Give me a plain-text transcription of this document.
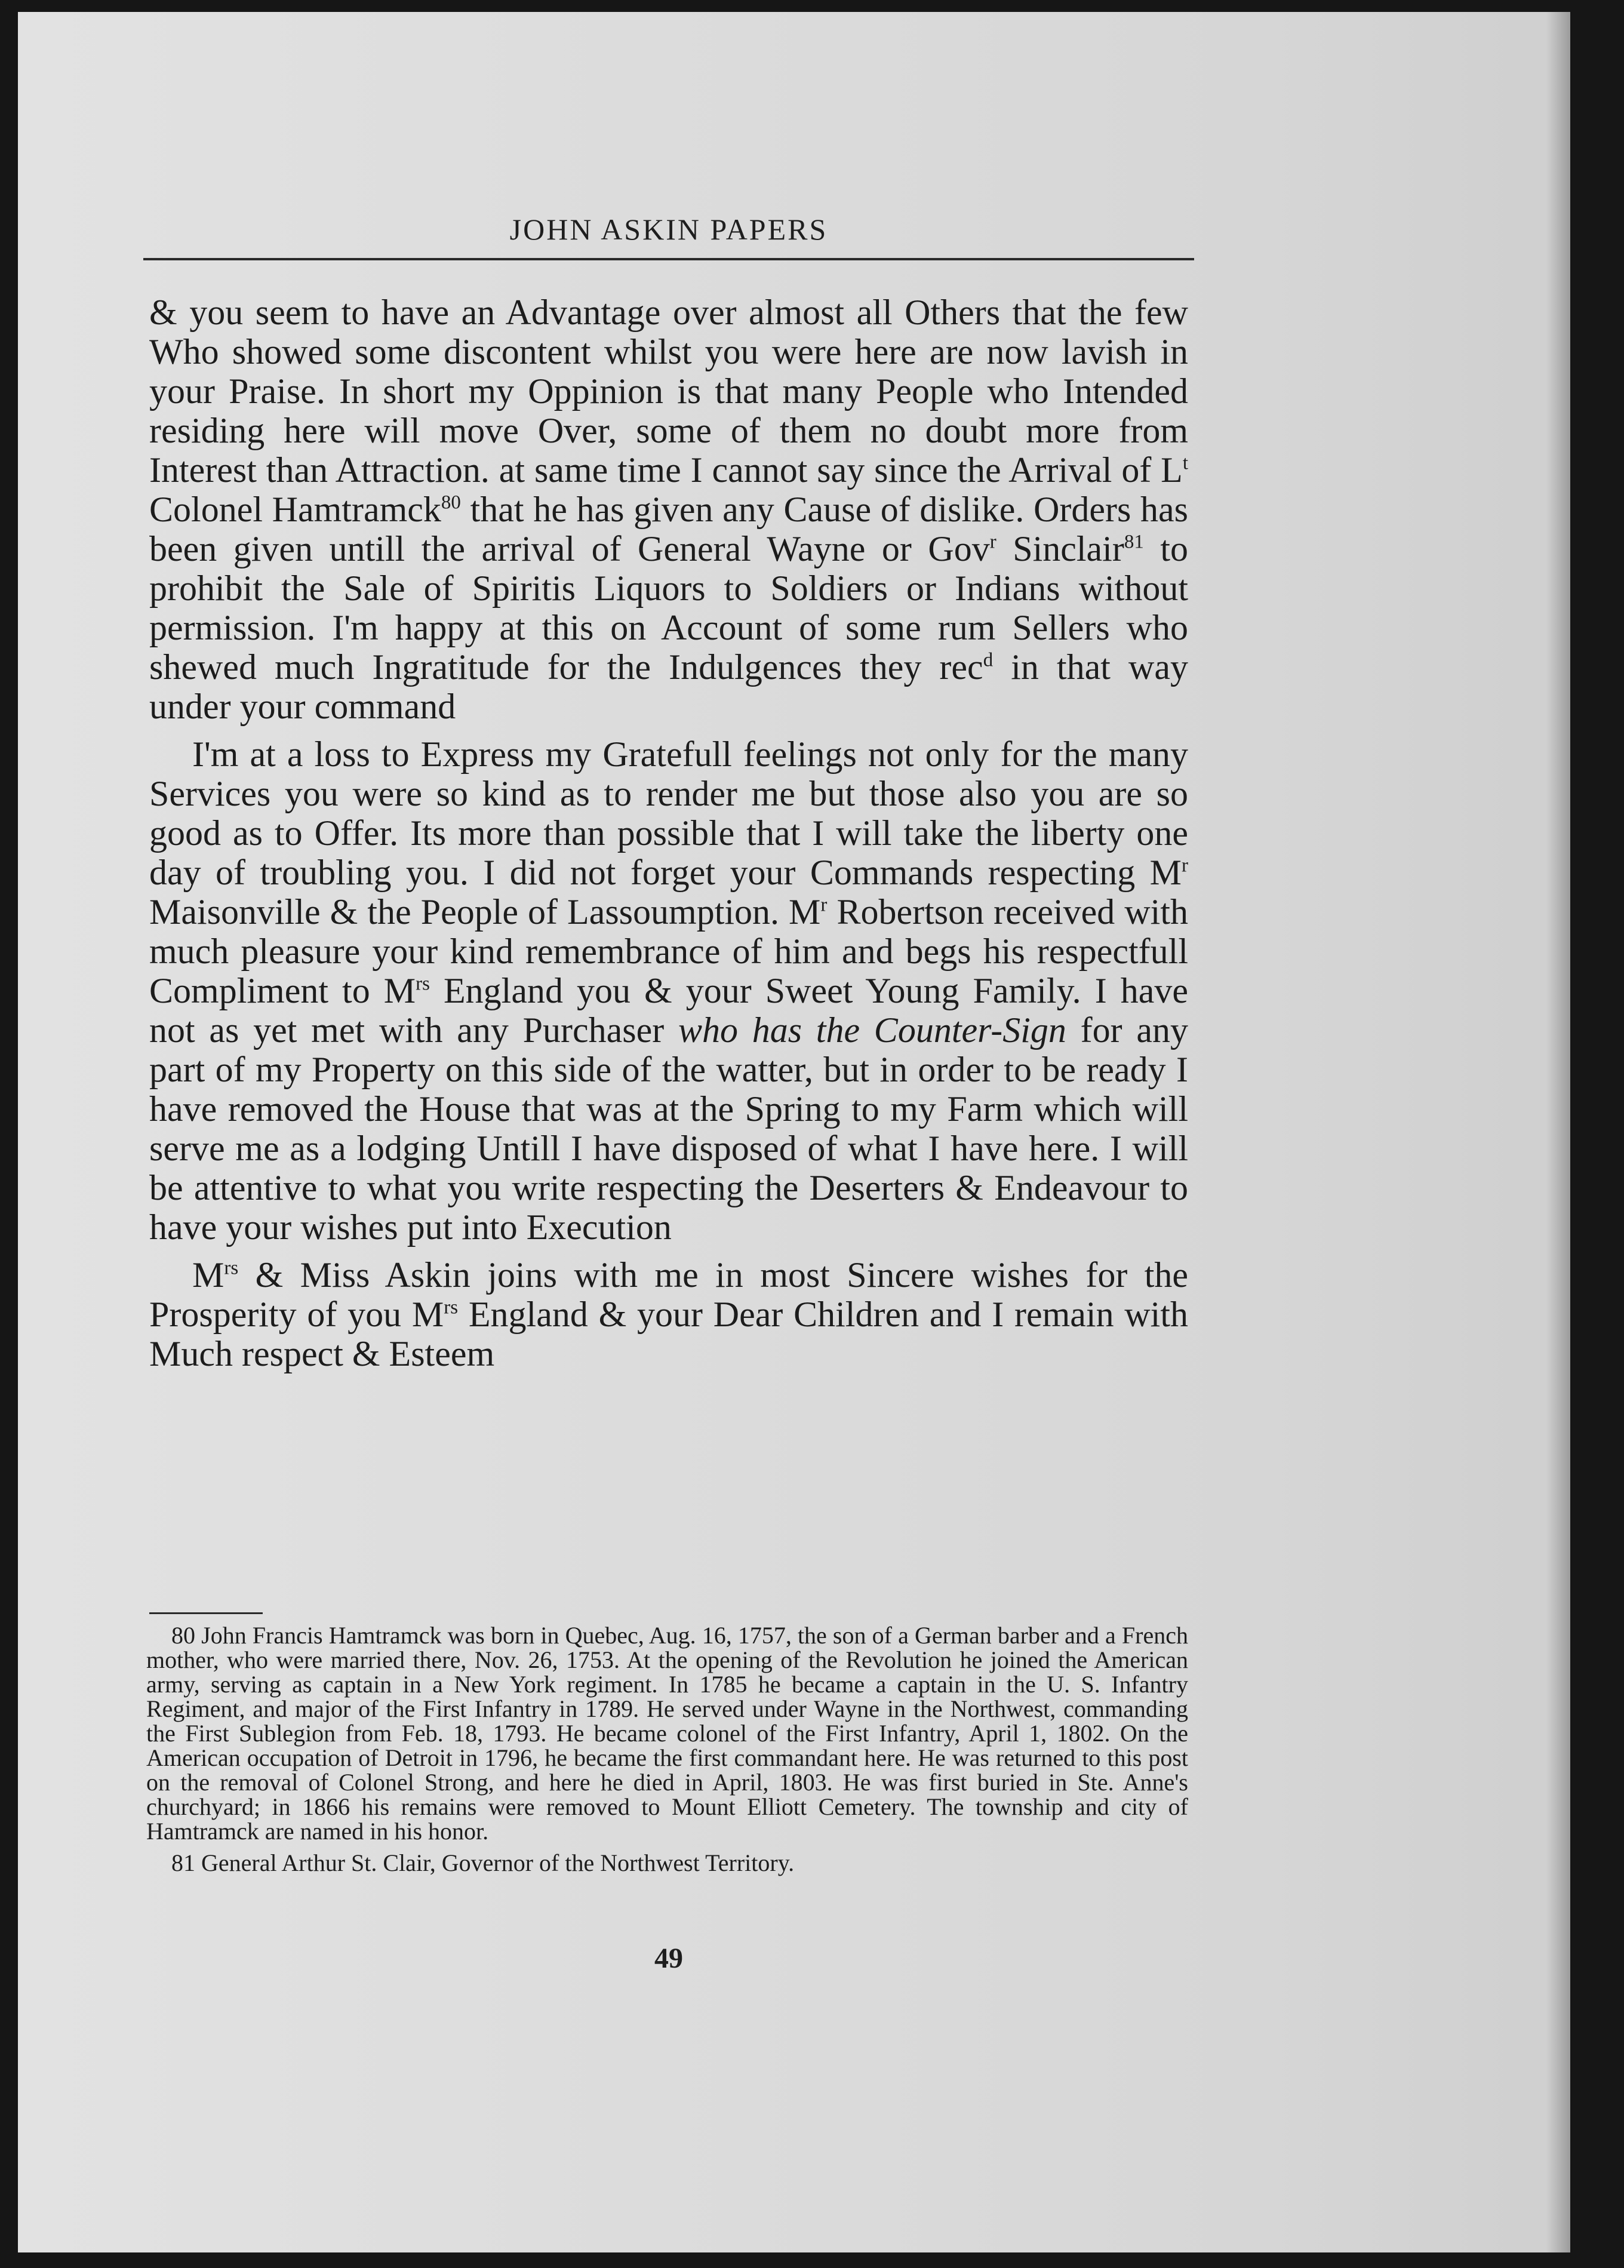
JOHN ASKIN PAPERS

& you seem to have an Advantage over almost all Others that the few Who showed some discontent whilst you were here are now lavish in your Praise. In short my Oppinion is that many People who Intended residing here will move Over, some of them no doubt more from Interest than Attraction. at same time I cannot say since the Arrival of $L^t$ Colonel Hamtramck$^{80}$ that he has given any Cause of dislike. Orders has been given untill the arrival of General Wayne or Gov$^r$ Sinclair$^{81}$ to prohibit the Sale of Spiritis Liquors to Soldiers or Indians without permission. I'm happy at this on Account of some rum Sellers who shewed much Ingratitude for the Indulgences they rec$^d$ in that way under your command

I'm at a loss to Express my Gratefull feelings not only for the many Services you were so kind as to render me but those also you are so good as to Offer. Its more than possible that I will take the liberty one day of troubling you. I did not forget your Commands respecting $M^r$ Maisonville & the People of Lassoumption. $M^r$ Robertson received with much pleasure your kind remembrance of him and begs his respectfull Compliment to $M^{rs}$ England you & your Sweet Young Family. I have not as yet met with any Purchaser who has the Counter-Sign for any part of my Property on this side of the watter, but in order to be ready I have removed the House that was at the Spring to my Farm which will serve me as a lodging Untill I have disposed of what I have here. I will be attentive to what you write respecting the Deserters & Endeavour to have your wishes put into Execution

$M^{rs}$ & Miss Askin joins with me in most Sincere wishes for the Prosperity of you $M^{rs}$ England & your Dear Children and I remain with Much respect & Esteem

80 John Francis Hamtramck was born in Quebec, Aug. 16, 1757, the son of a German barber and a French mother, who were married there, Nov. 26, 1753. At the opening of the Revolution he joined the American army, serving as captain in a New York regiment. In 1785 he became a captain in the U. S. Infantry Regiment, and major of the First Infantry in 1789. He served under Wayne in the Northwest, commanding the First Sublegion from Feb. 18, 1793. He became colonel of the First Infantry, April 1, 1802. On the American occupation of Detroit in 1796, he became the first commandant here. He was returned to this post on the removal of Colonel Strong, and here he died in April, 1803. He was first buried in Ste. Anne's churchyard; in 1866 his remains were removed to Mount Elliott Cemetery. The township and city of Hamtramck are named in his honor.

81 General Arthur St. Clair, Governor of the Northwest Territory.

49
